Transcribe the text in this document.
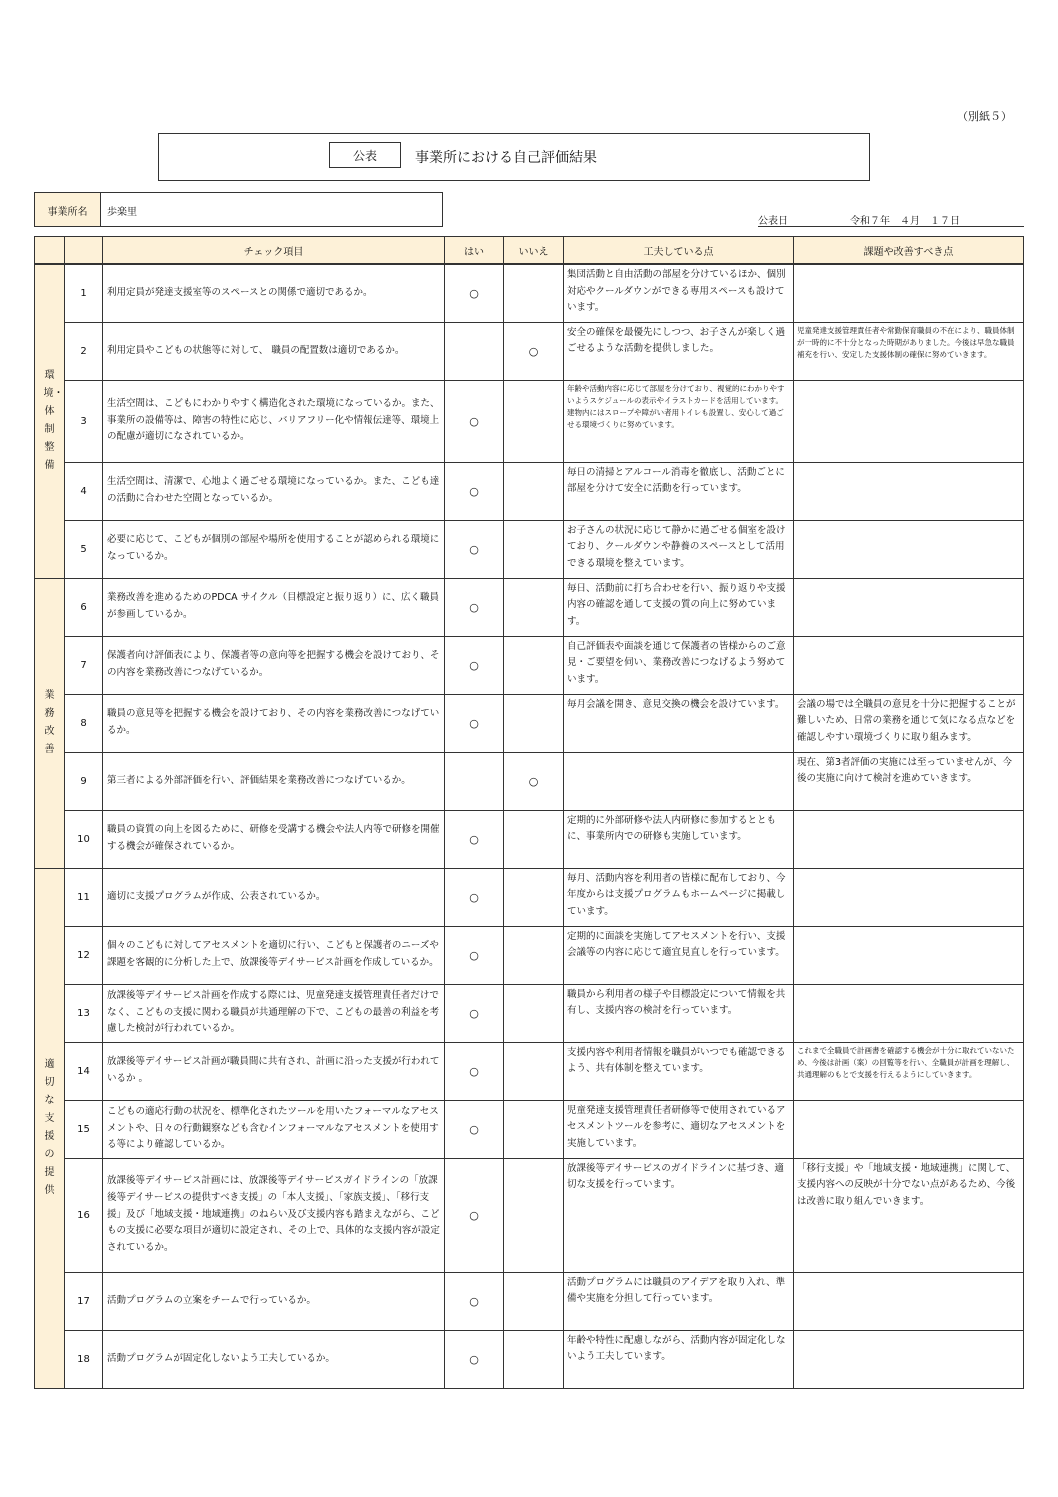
（別紙５）
公表	事業所における自己評価結果
事業所名	歩楽里
公表日	令和７年　４月　１７日
		チェック項目	はい	いいえ	工夫している点	課題や改善すべき点
環境・体制整備	1	利用定員が発達支援室等のスペースとの関係で適切であるか。	○		集団活動と自由活動の部屋を分けているほか、個別対応やクールダウンができる専用スペースも設けています。	
	2	利用定員やこどもの状態等に対して、 職員の配置数は適切であるか。		○	安全の確保を最優先にしつつ、お子さんが楽しく過ごせるような活動を提供しました。	児童発達支援管理責任者や常勤保育職員の不在により、職員体制が一時的に不十分となった時期がありました。今後は早急な職員補充を行い、安定した支援体制の確保に努めていきます。
	3	生活空間は、こどもにわかりやすく構造化された環境になっているか。また、事業所の設備等は、障害の特性に応じ、バリアフリー化や情報伝達等、環境上の配慮が適切になされているか。	○		年齢や活動内容に応じて部屋を分けており、視覚的にわかりやすいようスケジュールの表示やイラストカードを活用しています。建物内にはスロープや障がい者用トイレも設置し、安心して過ごせる環境づくりに努めています。	
	4	生活空間は、清潔で、心地よく過ごせる環境になっているか。また、こども達の活動に合わせた空間となっているか。	○		毎日の清掃とアルコール消毒を徹底し、活動ごとに部屋を分けて安全に活動を行っています。	
	5	必要に応じて、こどもが個別の部屋や場所を使用することが認められる環境になっているか。	○		お子さんの状況に応じて静かに過ごせる個室を設けており、クールダウンや静養のスペースとして活用できる環境を整えています。	
業務改善	6	業務改善を進めるためのPDCA サイクル（目標設定と振り返り）に、広く職員が参画しているか。	○		毎日、活動前に打ち合わせを行い、振り返りや支援内容の確認を通して支援の質の向上に努めています。	
	7	保護者向け評価表により、保護者等の意向等を把握する機会を設けており、その内容を業務改善につなげているか。	○		自己評価表や面談を通じて保護者の皆様からのご意見・ご要望を伺い、業務改善につなげるよう努めています。	
	8	職員の意見等を把握する機会を設けており、その内容を業務改善につなげているか。	○		毎月会議を開き、意見交換の機会を設けています。	会議の場では全職員の意見を十分に把握することが難しいため、日常の業務を通じて気になる点などを確認しやすい環境づくりに取り組みます。
	9	第三者による外部評価を行い、評価結果を業務改善につなげているか。		○		現在、第3者評価の実施には至っていませんが、今後の実施に向けて検討を進めていきます。
	10	職員の資質の向上を図るために、研修を受講する機会や法人内等で研修を開催する機会が確保されているか。	○		定期的に外部研修や法人内研修に参加するとともに、事業所内での研修も実施しています。	
適切な支援の提供	11	適切に支援プログラムが作成、公表されているか。	○		毎月、活動内容を利用者の皆様に配布しており、今年度からは支援プログラムもホームページに掲載しています。	
	12	個々のこどもに対してアセスメントを適切に行い、こどもと保護者のニーズや課題を客観的に分析した上で、放課後等デイサービス計画を作成しているか。	○		定期的に面談を実施してアセスメントを行い、支援会議等の内容に応じて適宜見直しを行っています。	
	13	放課後等デイサービス計画を作成する際には、児童発達支援管理責任者だけでなく、こどもの支援に関わる職員が共通理解の下で、こどもの最善の利益を考慮した検討が行われているか。	○		職員から利用者の様子や目標設定について情報を共有し、支援内容の検討を行っています。	
	14	放課後等デイサービス計画が職員間に共有され、計画に沿った支援が行われているか 。	○		支援内容や利用者情報を職員がいつでも確認できるよう、共有体制を整えています。	これまで全職員で計画書を確認する機会が十分に取れていないため、今後は計画（案）の回覧等を行い、全職員が計画を理解し、共通理解のもとで支援を行えるようにしていきます。
	15	こどもの適応行動の状況を、標準化されたツールを用いたフォーマルなアセスメントや、日々の行動観察なども含むインフォーマルなアセスメントを使用する等により確認しているか。	○		児童発達支援管理責任者研修等で使用されているアセスメントツールを参考に、適切なアセスメントを実施しています。	
	16	放課後等デイサービス計画には、放課後等デイサービスガイドラインの「放課後等デイサービスの提供すべき支援」の「本人支援」、「家族支援」、「移行支援」及び「地域支援・地域連携」のねらい及び支援内容も踏まえながら、こどもの支援に必要な項目が適切に設定され、その上で、具体的な支援内容が設定されているか。	○		放課後等デイサービスのガイドラインに基づき、適切な支援を行っています。	「移行支援」や「地域支援・地域連携」に関して、支援内容への反映が十分でない点があるため、今後は改善に取り組んでいきます。
	17	活動プログラムの立案をチームで行っているか。	○		活動プログラムには職員のアイデアを取り入れ、準備や実施を分担して行っています。	
	18	活動プログラムが固定化しないよう工夫しているか。	○		年齢や特性に配慮しながら、活動内容が固定化しないよう工夫しています。	
